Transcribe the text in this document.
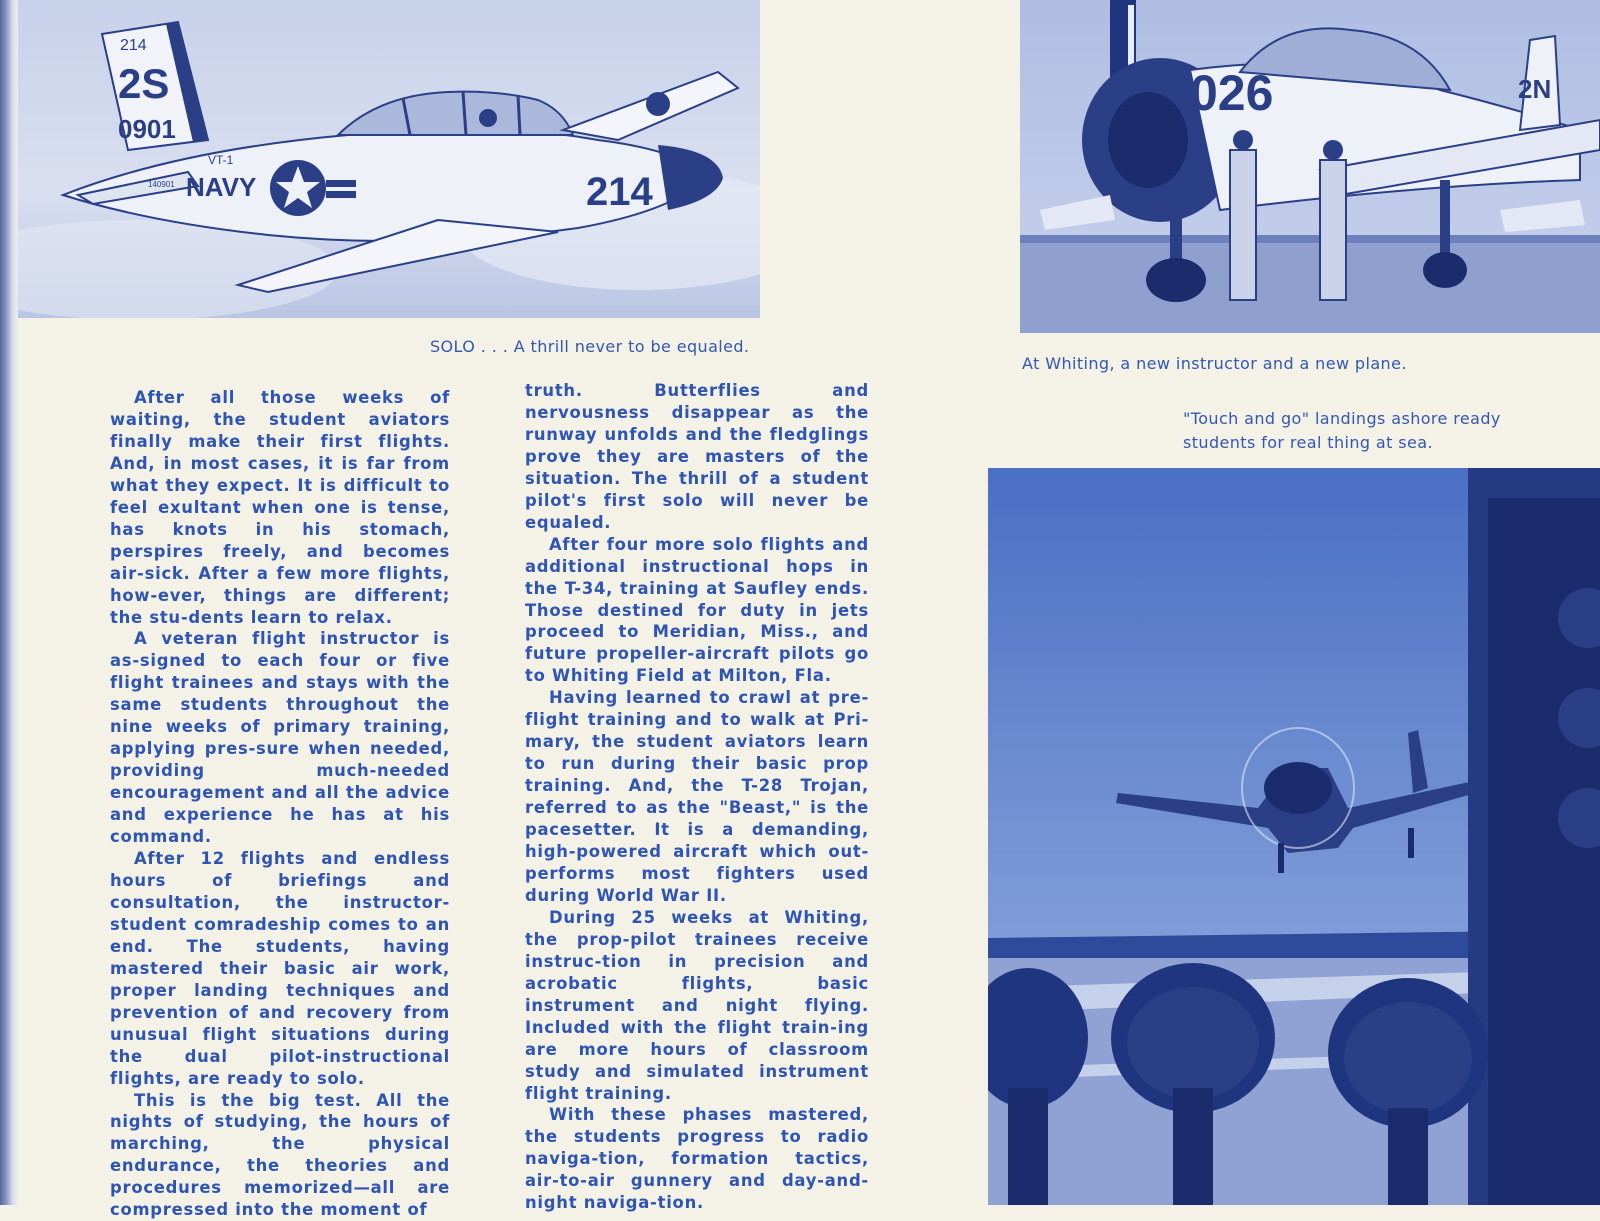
214
2S
0901
VT-1
140901 NAVY	214

SOLO . . . A thrill never to be equaled.

2N
026

At Whiting, a new instructor and a new plane.

"Touch and go" landings ashore ready
students for real thing at sea.

After all those weeks of waiting, the student aviators finally make their first flights. And, in most cases, it is far from what they expect. It is difficult to feel exultant when one is tense, has knots in his stomach, perspires freely, and becomes air-sick. After a few more flights, how-ever, things are different; the stu-dents learn to relax.

A veteran flight instructor is as-signed to each four or five flight trainees and stays with the same students throughout the nine weeks of primary training, applying pres-sure when needed, providing much-needed encouragement and all the advice and experience he has at his command.

After 12 flights and endless hours of briefings and consultation, the instructor-student comradeship comes to an end. The students, having mastered their basic air work, proper landing techniques and prevention of and recovery from unusual flight situations during the dual pilot-instructional flights, are ready to solo.

This is the big test. All the nights of studying, the hours of marching, the physical endurance, the theories and procedures memorized—all are compressed into the moment of

truth. Butterflies and nervousness disappear as the runway unfolds and the fledglings prove they are masters of the situation. The thrill of a student pilot's first solo will never be equaled.

After four more solo flights and additional instructional hops in the T-34, training at Saufley ends. Those destined for duty in jets proceed to Meridian, Miss., and future propeller-aircraft pilots go to Whiting Field at Milton, Fla.

Having learned to crawl at pre-flight training and to walk at Pri-mary, the student aviators learn to run during their basic prop training. And, the T-28 Trojan, referred to as the "Beast," is the pacesetter. It is a demanding, high-powered aircraft which out-performs most fighters used during World War II.

During 25 weeks at Whiting, the prop-pilot trainees receive instruc-tion in precision and acrobatic flights, basic instrument and night flying. Included with the flight train-ing are more hours of classroom study and simulated instrument flight training.

With these phases mastered, the students progress to radio naviga-tion, formation tactics, air-to-air gunnery and day-and-night naviga-tion.
